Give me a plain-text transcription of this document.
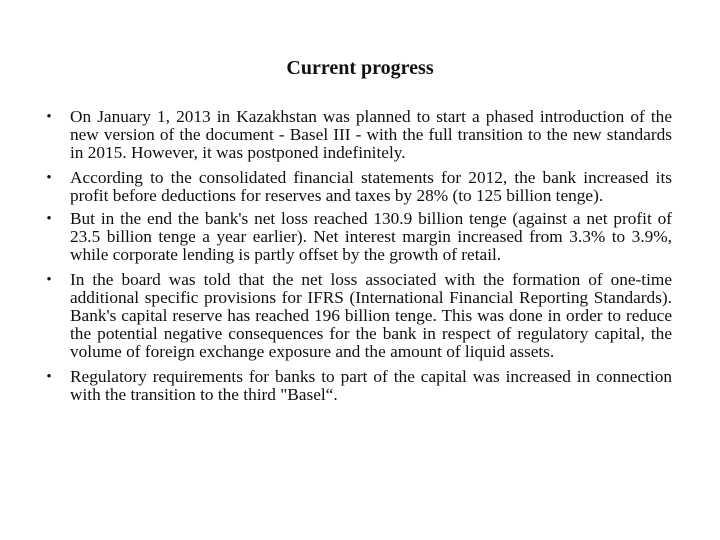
Current progress
• On January 1, 2013 in Kazakhstan was planned to start a phased introduction of the new version of the document - Basel III - with the full transition to the new standards in 2015. However, it was postponed indefinitely.
• According to the consolidated financial statements for 2012, the bank increased its profit before deductions for reserves and taxes by 28% (to 125 billion tenge).
• But in the end the bank's net loss reached 130.9 billion tenge (against a net profit of 23.5 billion tenge a year earlier). Net interest margin increased from 3.3% to 3.9%, while corporate lending is partly offset by the growth of retail.
• In the board was told that the net loss associated with the formation of one-time additional specific provisions for IFRS (International Financial Reporting Standards). Bank's capital reserve has reached 196 billion tenge. This was done in order to reduce the potential negative consequences for the bank in respect of regulatory capital, the volume of foreign exchange exposure and the amount of liquid assets.
• Regulatory requirements for banks to part of the capital was increased in connection with the transition to the third "Basel“.
